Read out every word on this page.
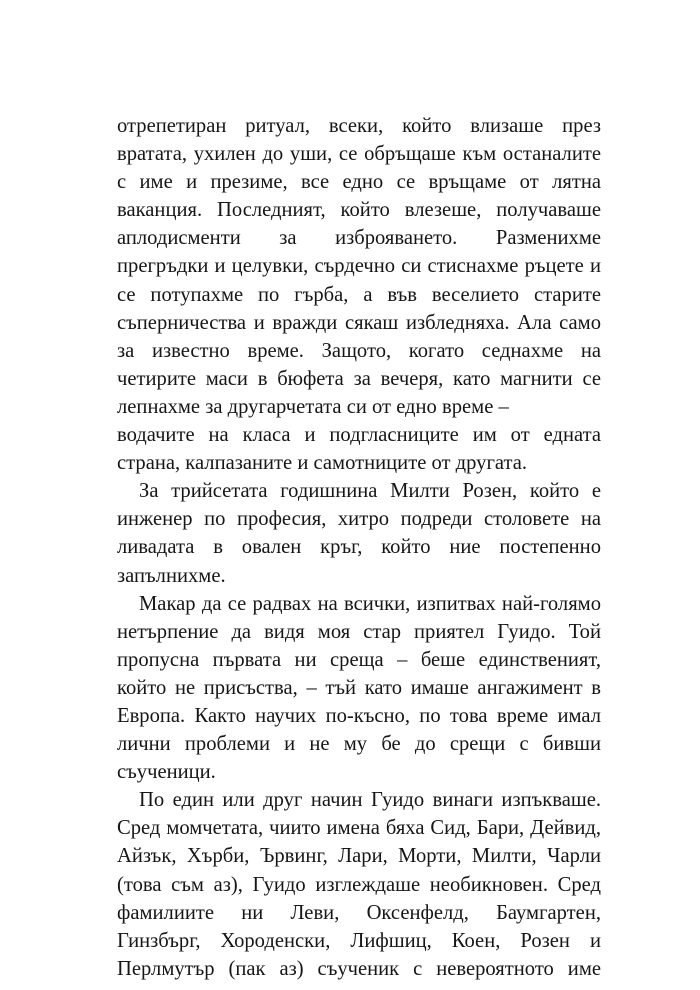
отрепетиран ритуал, всеки, който влизаше през
вратата, ухилен до уши, се обръщаше към останалите
с име и презиме, все едно се връщаме от лятна
ваканция. Последният, който влезеше, получаваше
аплодисменти за изброяването. Разменихме
прегръдки и целувки, сърдечно си стиснахме ръцете и
се потупахме по гърба, а във веселието старите
съперничества и вражди сякаш избледняха. Ала само
за известно време. Защото, когато седнахме на
четирите маси в бюфета за вечеря, като магнити се
лепнахме за другарчетата си от едно време –
водачите на класа и подгласниците им от едната
страна, калпазаните и самотниците от другата.
За трийсетата годишнина Милти Розен, който е
инженер по професия, хитро подреди столовете на
ливадата в овален кръг, който ние постепенно
запълнихме.
Макар да се радвах на всички, изпитвах най-голямо
нетърпение да видя моя стар приятел Гуидо. Той
пропусна първата ни среща – беше единственият,
който не присъства, – тъй като имаше ангажимент в
Европа. Както научих по-късно, по това време имал
лични проблеми и не му бе до срещи с бивши
съученици.
По един или друг начин Гуидо винаги изпъкваше.
Сред момчетата, чиито имена бяха Сид, Бари, Дейвид,
Айзък, Хърби, Ървинг, Лари, Морти, Милти, Чарли
(това съм аз), Гуидо изглеждаше необикновен. Сред
фамилиите ни Леви, Оксенфелд, Баумгартен,
Гинзбърг, Хороденски, Лифшиц, Коен, Розен и
Перлмутър (пак аз) съученик с невероятното име
